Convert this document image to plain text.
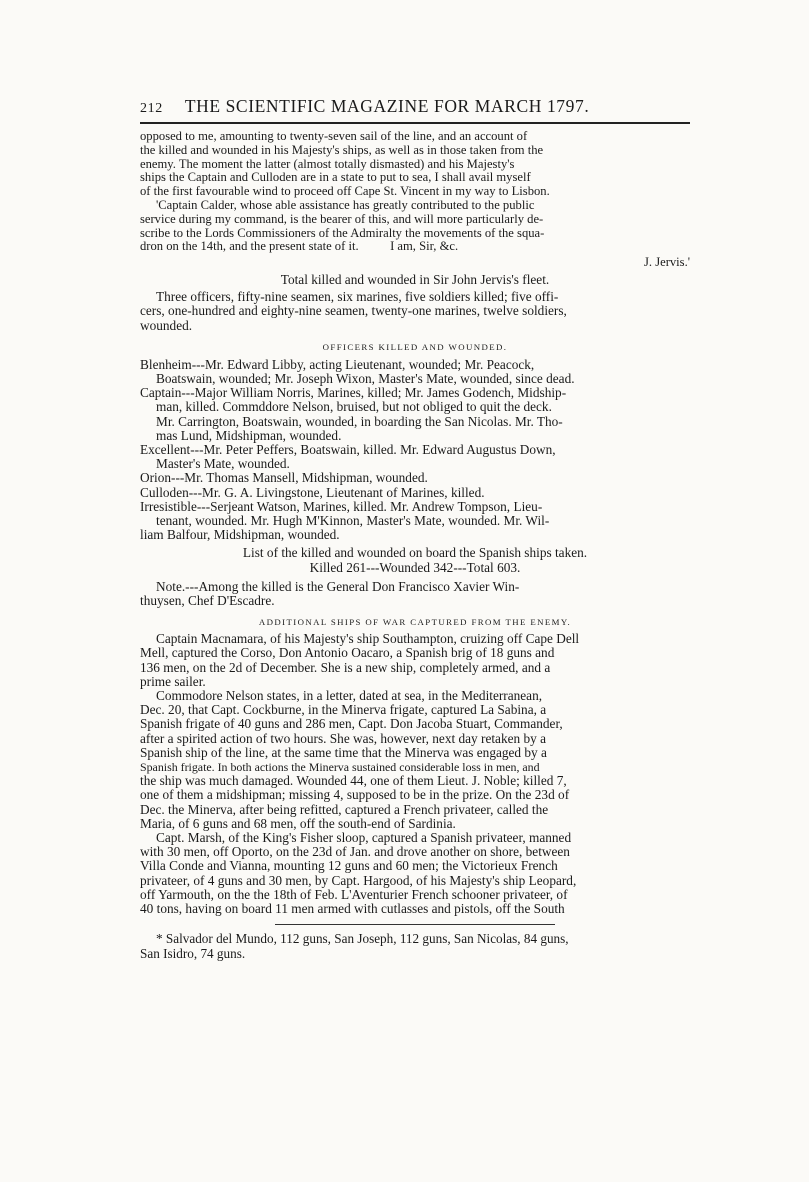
212 THE SCIENTIFIC MAGAZINE FOR MARCH 1797.

opposed to me, amounting to twenty-seven sail of the line, and an account of

the killed and wounded in his Majesty's ships, as well as in those taken from the

enemy. The moment the latter (almost totally dismasted) and his Majesty's

ships the Captain and Culloden are in a state to put to sea, I shall avail myself

of the first favourable wind to proceed off Cape St. Vincent in my way to Lisbon.

'Captain Calder, whose able assistance has greatly contributed to the public

service during my command, is the bearer of this, and will more particularly de-

scribe to the Lords Commissioners of the Admiralty the movements of the squa-

dron on the 14th, and the present state of it.          I am, Sir, &c.

J. Jervis.'

Total killed and wounded in Sir John Jervis's fleet.

Three officers, fifty-nine seamen, six marines, five soldiers killed; five offi-

cers, one-hundred and eighty-nine seamen, twenty-one marines, twelve soldiers,

wounded.

OFFICERS KILLED AND WOUNDED.

Blenheim---Mr. Edward Libby, acting Lieutenant, wounded; Mr. Peacock,

Boatswain, wounded; Mr. Joseph Wixon, Master's Mate, wounded, since dead.

Captain---Major William Norris, Marines, killed; Mr. James Godench, Midship-

man, killed. Commddore Nelson, bruised, but not obliged to quit the deck.

Mr. Carrington, Boatswain, wounded, in boarding the San Nicolas. Mr. Tho-

mas Lund, Midshipman, wounded.

Excellent---Mr. Peter Peffers, Boatswain, killed. Mr. Edward Augustus Down,

Master's Mate, wounded.

Orion---Mr. Thomas Mansell, Midshipman, wounded.

Culloden---Mr. G. A. Livingstone, Lieutenant of Marines, killed.

Irresistible---Serjeant Watson, Marines, killed. Mr. Andrew Tompson, Lieu-

tenant, wounded. Mr. Hugh M'Kinnon, Master's Mate, wounded. Mr. Wil-

liam Balfour, Midshipman, wounded.

List of the killed and wounded on board the Spanish ships taken.

Killed 261---Wounded 342---Total 603.

Note.---Among the killed is the General Don Francisco Xavier Win-

thuysen, Chef D'Escadre.

ADDITIONAL SHIPS OF WAR CAPTURED FROM THE ENEMY.

Captain Macnamara, of his Majesty's ship Southampton, cruizing off Cape Dell

Mell, captured the Corso, Don Antonio Oacaro, a Spanish brig of 18 guns and

136 men, on the 2d of December. She is a new ship, completely armed, and a

prime sailer.

Commodore Nelson states, in a letter, dated at sea, in the Mediterranean,

Dec. 20, that Capt. Cockburne, in the Minerva frigate, captured La Sabina, a

Spanish frigate of 40 guns and 286 men, Capt. Don Jacoba Stuart, Commander,

after a spirited action of two hours. She was, however, next day retaken by a

Spanish ship of the line, at the same time that the Minerva was engaged by a

Spanish frigate. In both actions the Minerva sustained considerable loss in men, and

the ship was much damaged. Wounded 44, one of them Lieut. J. Noble; killed 7,

one of them a midshipman; missing 4, supposed to be in the prize. On the 23d of

Dec. the Minerva, after being refitted, captured a French privateer, called the

Maria, of 6 guns and 68 men, off the south-end of Sardinia.

Capt. Marsh, of the King's Fisher sloop, captured a Spanish privateer, manned

with 30 men, off Oporto, on the 23d of Jan. and drove another on shore, between

Villa Conde and Vianna, mounting 12 guns and 60 men; the Victorieux French

privateer, of 4 guns and 30 men, by Capt. Hargood, of his Majesty's ship Leopard,

off Yarmouth, on the the 18th of Feb. L'Aventurier French schooner privateer, of

40 tons, having on board 11 men armed with cutlasses and pistols, off the South

* Salvador del Mundo, 112 guns, San Joseph, 112 guns, San Nicolas, 84 guns,

San Isidro, 74 guns.
